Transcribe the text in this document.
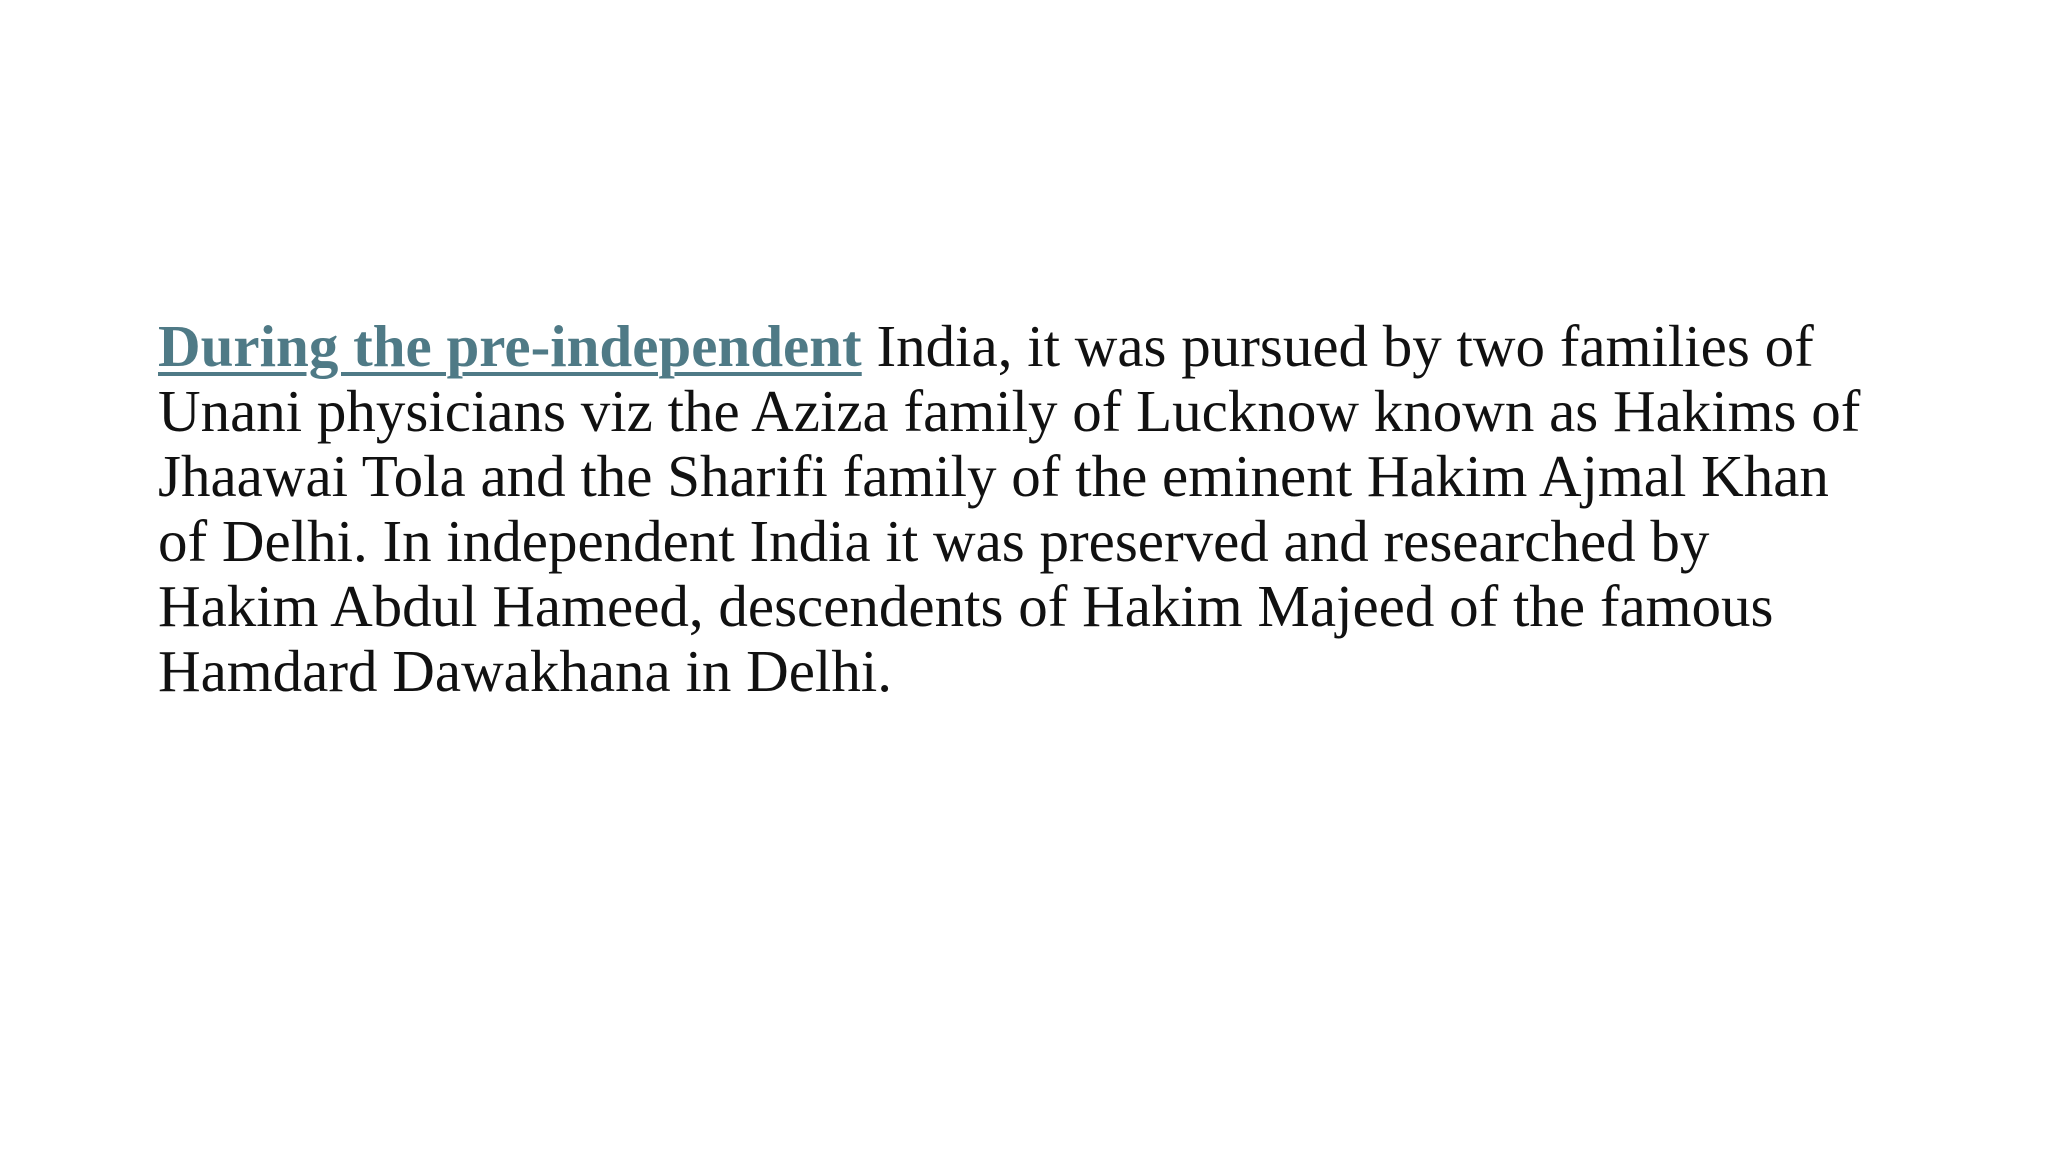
During the pre-independent India, it was pursued by two families of
Unani physicians viz the Aziza family of Lucknow known as Hakims of
Jhaawai Tola and the Sharifi family of the eminent Hakim Ajmal Khan
of Delhi. In independent India it was preserved and researched by
Hakim Abdul Hameed, descendents of Hakim Majeed of the famous
Hamdard Dawakhana in Delhi.
